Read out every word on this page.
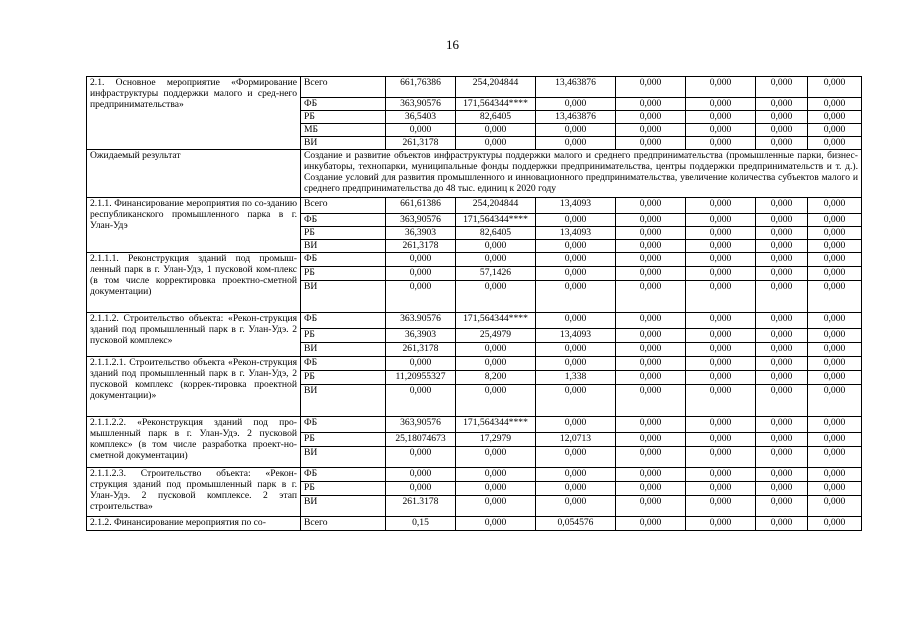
16
2.1. Основное мероприятие «Формирование инфраструктуры поддержки малого и сред-него предпринимательства»	Всего	661,76386	254,204844	13,463876	0,000	0,000	0,000	0,000
	ФБ	363,90576	171,564344****	0,000	0,000	0,000	0,000	0,000
	РБ	36,5403	82,6405	13,463876	0,000	0,000	0,000	0,000
	МБ	0,000	0,000	0,000	0,000	0,000	0,000	0,000
	ВИ	261,3178	0,000	0,000	0,000	0,000	0,000	0,000
Ожидаемый результат	Создание и развитие объектов инфраструктуры поддержки малого и среднего предпринимательства (промышленные парки, бизнес-инкубаторы, технопарки, муниципальные фонды поддержки предпринимательства, центры поддержки предпринимательств и т. д.). Создание условий для развития промышленного и инновационного предпринимательства, увеличение количества субъектов малого и среднего предпринимательства до 48 тыс. единиц к 2020 году							
2.1.1. Финансирование мероприятия по со-зданию республиканского промышленного парка в г. Улан-Удэ	Всего	661,61386	254,204844	13,4093	0,000	0,000	0,000	0,000
	ФБ	363,90576	171,564344****	0,000	0,000	0,000	0,000	0,000
	РБ	36,3903	82,6405	13,4093	0,000	0,000	0,000	0,000
	ВИ	261,3178	0,000	0,000	0,000	0,000	0,000	0,000
2.1.1.1. Реконструкция зданий под промыш-ленный парк в г. Улан-Удэ, 1 пусковой ком-плекс (в том числе корректировка проектно-сметной документации)	ФБ	0,000	0,000	0,000	0,000	0,000	0,000	0,000
	РБ	0,000	57,1426	0,000	0,000	0,000	0,000	0,000
	ВИ	0,000	0,000	0,000	0,000	0,000	0,000	0,000
2.1.1.2. Строительство объекта: «Рекон-струкция зданий под промышленный парк в г. Улан-Удэ. 2 пусковой комплекс»	ФБ	363.90576	171,564344****	0,000	0,000	0,000	0,000	0,000
	РБ	36,3903	25,4979	13,4093	0,000	0,000	0,000	0,000
	ВИ	261,3178	0,000	0,000	0,000	0,000	0,000	0,000
2.1.1.2.1. Строительство объекта «Рекон-струкция зданий под промышленный парк в г. Улан-Удэ, 2 пусковой комплекс (коррек-тировка проектной документации)»	ФБ	0,000	0,000	0,000	0,000	0,000	0,000	0,000
	РБ	11,20955327	8,200	1,338	0,000	0,000	0,000	0,000
	ВИ	0,000	0,000	0,000	0,000	0,000	0,000	0,000
2.1.1.2.2. «Реконструкция зданий под про-мышленный парк в г. Улан-Удэ. 2 пусковой комплекс» (в том числе разработка проект-но-сметной документации)	ФБ	363,90576	171,564344****	0,000	0,000	0,000	0,000	0,000
	РБ	25,18074673	17,2979	12,0713	0,000	0,000	0,000	0,000
	ВИ	0,000	0,000	0,000	0,000	0,000	0,000	0,000
2.1.1.2.3. Строительство объекта: «Рекон-струкция зданий под промышленный парк в г. Улан-Удэ. 2 пусковой комплексе. 2 этап строительства»	ФБ	0,000	0,000	0,000	0,000	0,000	0,000	0,000
	РБ	0,000	0,000	0,000	0,000	0,000	0,000	0,000
	ВИ	261.3178	0,000	0,000	0,000	0,000	0,000	0,000
2.1.2. Финансирование мероприятия по со-	Всего	0,15	0,000	0,054576	0,000	0,000	0,000	0,000
